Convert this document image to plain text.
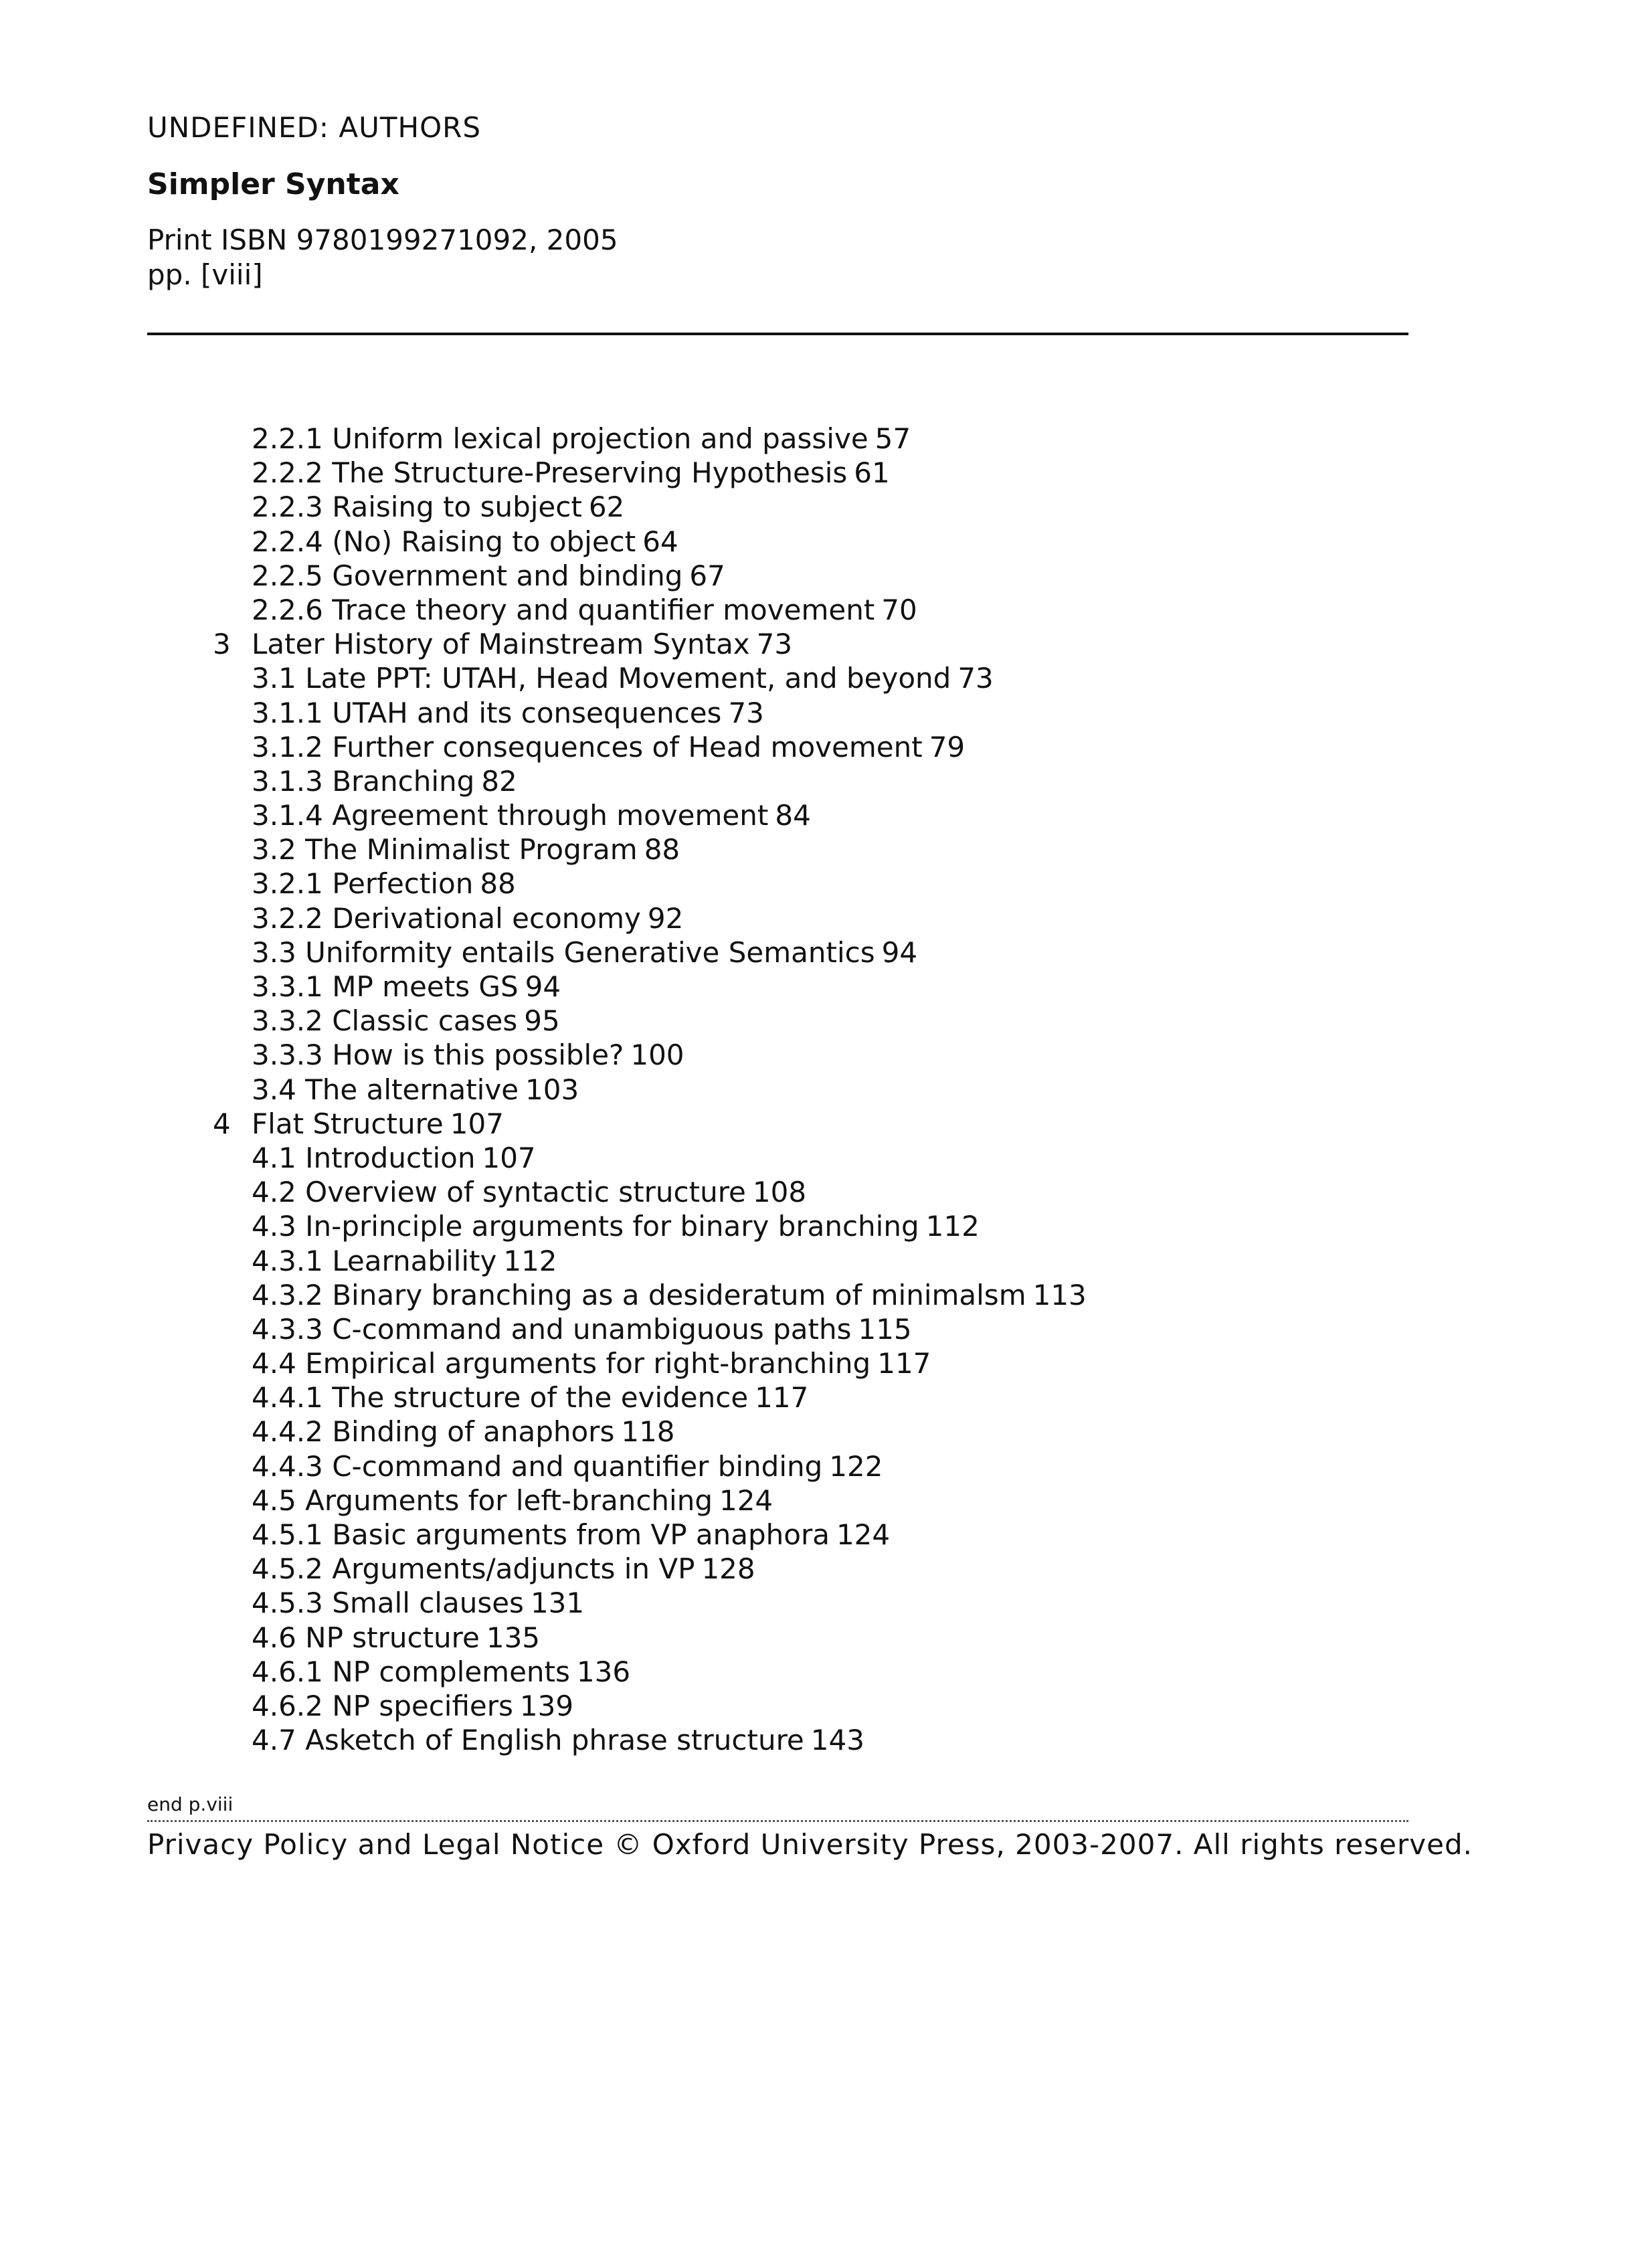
UNDEFINED: AUTHORS
Simpler Syntax
Print ISBN 9780199271092, 2005
pp. [viii]
2.2.1 Uniform lexical projection and passive 57
2.2.2 The Structure-Preserving Hypothesis 61
2.2.3 Raising to subject 62
2.2.4 (No) Raising to object 64
2.2.5 Government and binding 67
2.2.6 Trace theory and quantifier movement 70
3 Later History of Mainstream Syntax 73
3.1 Late PPT: UTAH, Head Movement, and beyond 73
3.1.1 UTAH and its consequences 73
3.1.2 Further consequences of Head movement 79
3.1.3 Branching 82
3.1.4 Agreement through movement 84
3.2 The Minimalist Program 88
3.2.1 Perfection 88
3.2.2 Derivational economy 92
3.3 Uniformity entails Generative Semantics 94
3.3.1 MP meets GS 94
3.3.2 Classic cases 95
3.3.3 How is this possible? 100
3.4 The alternative 103
4 Flat Structure 107
4.1 Introduction 107
4.2 Overview of syntactic structure 108
4.3 In-principle arguments for binary branching 112
4.3.1 Learnability 112
4.3.2 Binary branching as a desideratum of minimalsm 113
4.3.3 C-command and unambiguous paths 115
4.4 Empirical arguments for right-branching 117
4.4.1 The structure of the evidence 117
4.4.2 Binding of anaphors 118
4.4.3 C-command and quantifier binding 122
4.5 Arguments for left-branching 124
4.5.1 Basic arguments from VP anaphora 124
4.5.2 Arguments/adjuncts in VP 128
4.5.3 Small clauses 131
4.6 NP structure 135
4.6.1 NP complements 136
4.6.2 NP specifiers 139
4.7 Asketch of English phrase structure 143
end p.viii
Privacy Policy and Legal Notice © Oxford University Press, 2003-2007. All rights reserved.
